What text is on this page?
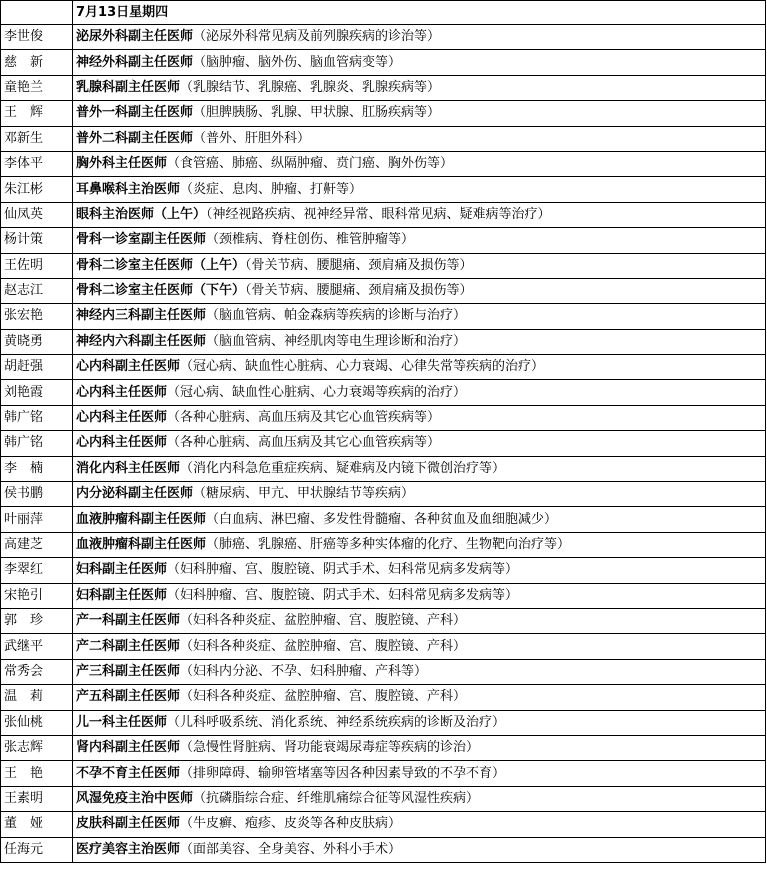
	7月13日星期四
李世俊	泌尿外科副主任医师（泌尿外科常见病及前列腺疾病的诊治等）
慈　新	神经外科副主任医师（脑肿瘤、脑外伤、脑血管病变等）
童艳兰	乳腺科副主任医师（乳腺结节、乳腺癌、乳腺炎、乳腺疾病等）
王　辉	普外一科副主任医师（胆脾胰肠、乳腺、甲状腺、肛肠疾病等）
邓新生	普外二科副主任医师（普外、肝胆外科）
李体平	胸外科主任医师（食管癌、肺癌、纵隔肿瘤、贲门癌、胸外伤等）
朱江彬	耳鼻喉科主治医师（炎症、息肉、肿瘤、打鼾等）
仙凤英	眼科主治医师（上午）（神经视路疾病、视神经异常、眼科常见病、疑难病等治疗）
杨计策	骨科一诊室副主任医师（颈椎病、脊柱创伤、椎管肿瘤等）
王佐明	骨科二诊室主任医师（上午）（骨关节病、腰腿痛、颈肩痛及损伤等）
赵志江	骨科二诊室主任医师（下午）（骨关节病、腰腿痛、颈肩痛及损伤等）
张宏艳	神经内三科副主任医师（脑血管病、帕金森病等疾病的诊断与治疗）
黄晓勇	神经内六科副主任医师（脑血管病、神经肌肉等电生理诊断和治疗）
胡赶强	心内科副主任医师（冠心病、缺血性心脏病、心力衰竭、心律失常等疾病的治疗）
刘艳霞	心内科主任医师（冠心病、缺血性心脏病、心力衰竭等疾病的治疗）
韩广铭	心内科主任医师（各种心脏病、高血压病及其它心血管疾病等）
韩广铭	心内科主任医师（各种心脏病、高血压病及其它心血管疾病等）
李　楠	消化内科主任医师（消化内科急危重症疾病、疑难病及内镜下微创治疗等）
侯书鹏	内分泌科副主任医师（糖尿病、甲亢、甲状腺结节等疾病）
叶丽萍	血液肿瘤科副主任医师（白血病、淋巴瘤、多发性骨髓瘤、各种贫血及血细胞减少）
高建芝	血液肿瘤科副主任医师（肺癌、乳腺癌、肝癌等多种实体瘤的化疗、生物靶向治疗等）
李翠红	妇科副主任医师（妇科肿瘤、宫、腹腔镜、阴式手术、妇科常见病多发病等）
宋艳引	妇科副主任医师（妇科肿瘤、宫、腹腔镜、阴式手术、妇科常见病多发病等）
郭　珍	产一科副主任医师（妇科各种炎症、盆腔肿瘤、宫、腹腔镜、产科）
武继平	产二科副主任医师（妇科各种炎症、盆腔肿瘤、宫、腹腔镜、产科）
常秀会	产三科副主任医师（妇科内分泌、不孕、妇科肿瘤、产科等）
温　莉	产五科副主任医师（妇科各种炎症、盆腔肿瘤、宫、腹腔镜、产科）
张仙桃	儿一科主任医师（儿科呼吸系统、消化系统、神经系统疾病的诊断及治疗）
张志辉	肾内科副主任医师（急慢性肾脏病、肾功能衰竭尿毒症等疾病的诊治）
王　艳	不孕不育主任医师（排卵障碍、输卵管堵塞等因各种因素导致的不孕不育）
王素明	风湿免疫主治中医师（抗磷脂综合症、纤维肌痛综合征等风湿性疾病）
董　娅	皮肤科副主任医师（牛皮癣、疱疹、皮炎等各种皮肤病）
任海元	医疗美容主治医师（面部美容、全身美容、外科小手术）
